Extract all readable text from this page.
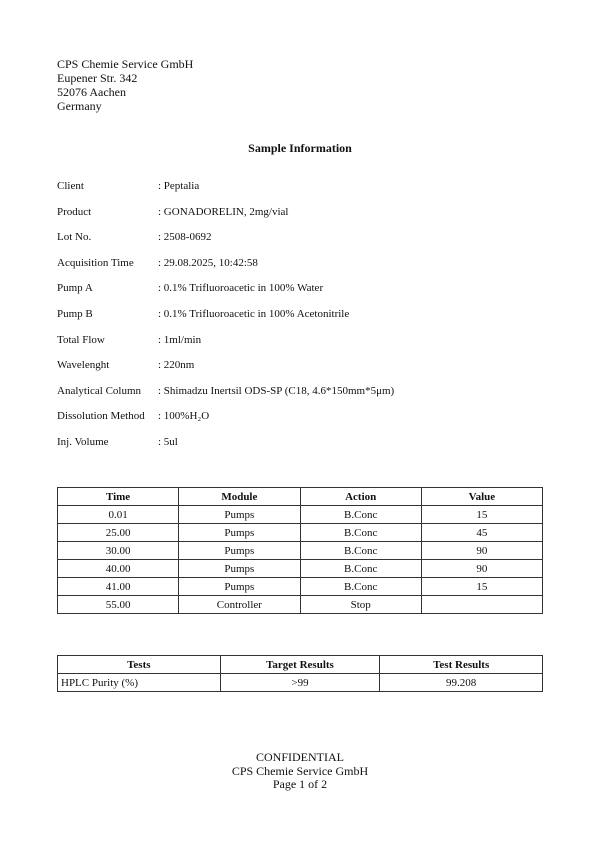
CPS Chemie Service GmbH
Eupener Str. 342
52076 Aachen
Germany
Sample Information
Client	: Peptalia
Product	: GONADORELIN, 2mg/vial
Lot No.	: 2508-0692
Acquisition Time	: 29.08.2025, 10:42:58
Pump A	: 0.1% Trifluoroacetic in 100% Water
Pump B	: 0.1% Trifluoroacetic in 100% Acetonitrile
Total Flow	: 1ml/min
Wavelenght	: 220nm
Analytical Column	: Shimadzu Inertsil ODS-SP (C18, 4.6*150mm*5μm)
Dissolution Method	: 100%H₂O
Inj. Volume	: 5ul
Time	Module	Action	Value
0.01	Pumps	B.Conc	15
25.00	Pumps	B.Conc	45
30.00	Pumps	B.Conc	90
40.00	Pumps	B.Conc	90
41.00	Pumps	B.Conc	15
55.00	Controller	Stop	
Tests	Target Results	Test Results
HPLC Purity (%)	>99	99.208
CONFIDENTIAL
CPS Chemie Service GmbH
Page 1 of 2
